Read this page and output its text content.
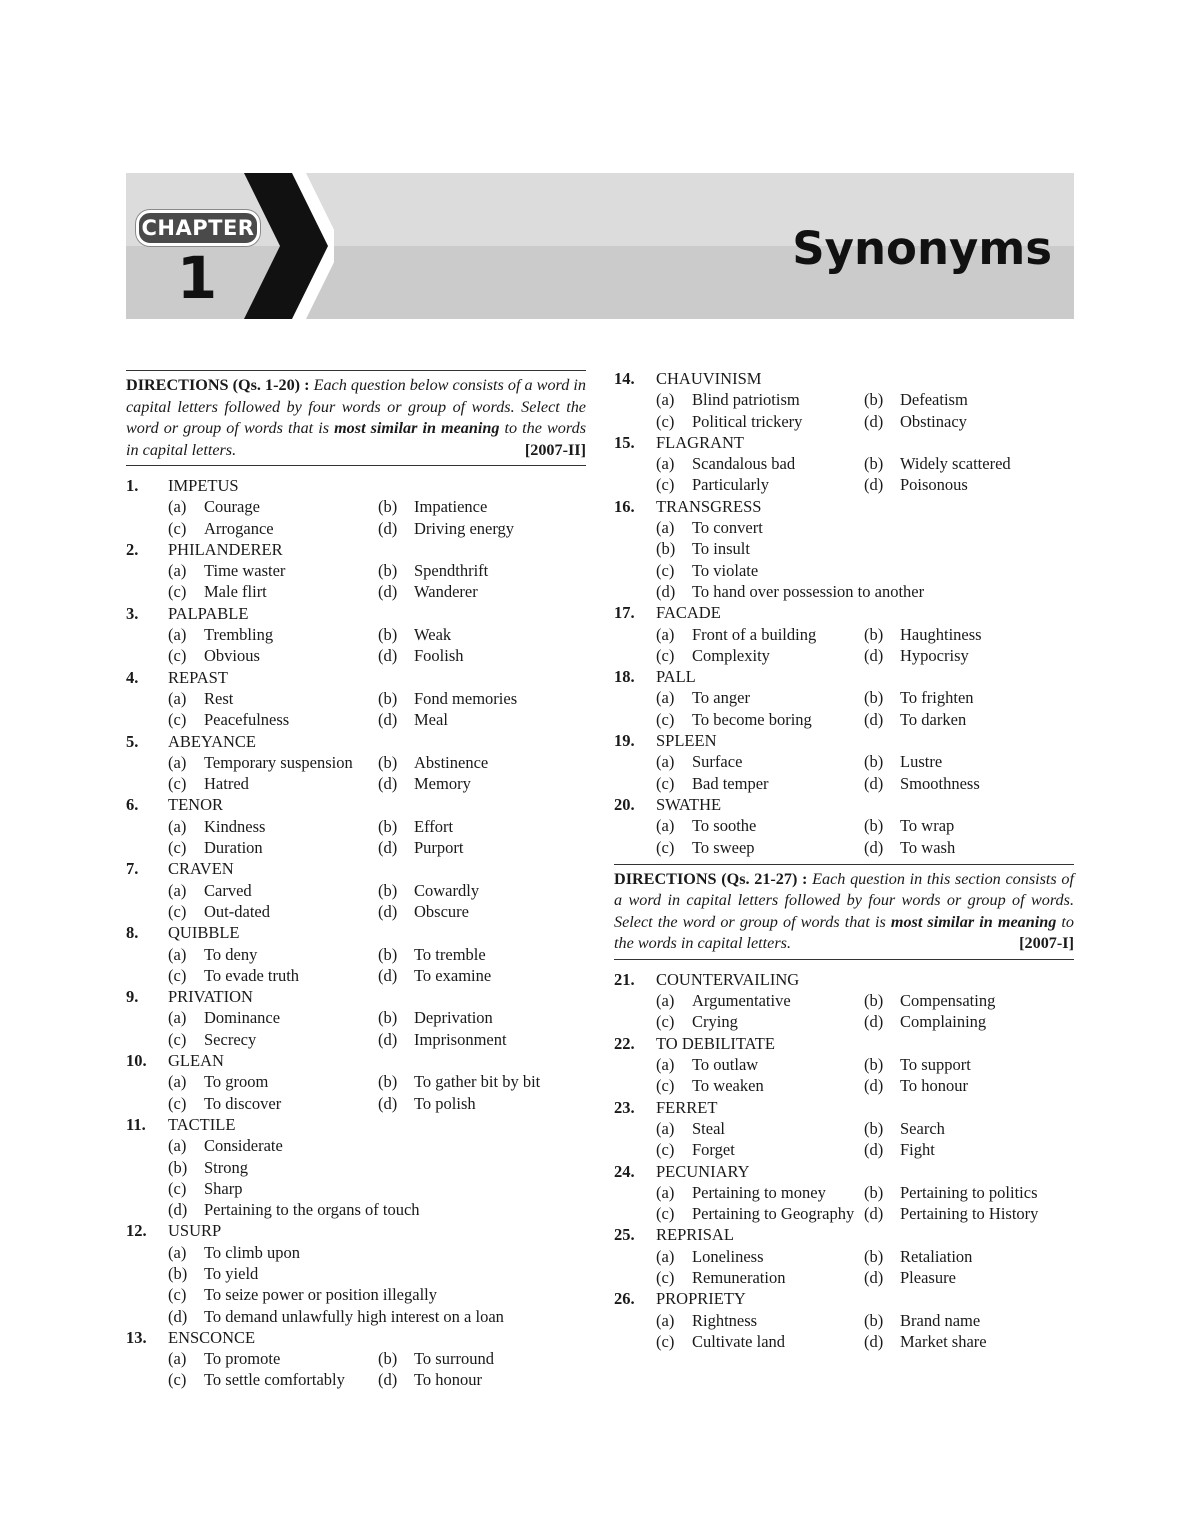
CHAPTER
1	Synonyms
DIRECTIONS (Qs. 1-20) : Each question below consists of a word in capital letters followed by four words or group of words. Select the word or group of words that is most similar in meaning to the words in capital letters.	[2007-II]
1. IMPETUS
(a) Courage	(b) Impatience
(c) Arrogance	(d) Driving energy
2. PHILANDERER
(a) Time waster	(b) Spendthrift
(c) Male flirt	(d) Wanderer
3. PALPABLE
(a) Trembling	(b) Weak
(c) Obvious	(d) Foolish
4. REPAST
(a) Rest	(b) Fond memories
(c) Peacefulness	(d) Meal
5. ABEYANCE
(a) Temporary suspension (b) Abstinence
(c) Hatred	(d) Memory
6. TENOR
(a) Kindness	(b) Effort
(c) Duration	(d) Purport
7. CRAVEN
(a) Carved	(b) Cowardly
(c) Out-dated	(d) Obscure
8. QUIBBLE
(a) To deny	(b) To tremble
(c) To evade truth	(d) To examine
9. PRIVATION
(a) Dominance	(b) Deprivation
(c) Secrecy	(d) Imprisonment
10. GLEAN
(a) To groom	(b) To gather bit by bit
(c) To discover	(d) To polish
11. TACTILE
(a) Considerate
(b) Strong
(c) Sharp
(d) Pertaining to the organs of touch
12. USURP
(a) To climb upon
(b) To yield
(c) To seize power or position illegally
(d) To demand unlawfully high interest on a loan
13. ENSCONCE
(a) To promote	(b) To surround
(c) To settle comfortably (d) To honour
14. CHAUVINISM
(a) Blind patriotism	(b) Defeatism
(c) Political trickery	(d) Obstinacy
15. FLAGRANT
(a) Scandalous bad	(b) Widely scattered
(c) Particularly	(d) Poisonous
16. TRANSGRESS
(a) To convert
(b) To insult
(c) To violate
(d) To hand over possession to another
17. FACADE
(a) Front of a building	(b) Haughtiness
(c) Complexity	(d) Hypocrisy
18. PALL
(a) To anger	(b) To frighten
(c) To become boring	(d) To darken
19. SPLEEN
(a) Surface	(b) Lustre
(c) Bad temper	(d) Smoothness
20. SWATHE
(a) To soothe	(b) To wrap
(c) To sweep	(d) To wash
DIRECTIONS (Qs. 21-27) : Each question in this section consists of a word in capital letters followed by four words or group of words. Select the word or group of words that is most similar in meaning to the words in capital letters.	[2007-I]
21. COUNTERVAILING
(a) Argumentative	(b) Compensating
(c) Crying	(d) Complaining
22. TO DEBILITATE
(a) To outlaw	(b) To support
(c) To weaken	(d) To honour
23. FERRET
(a) Steal	(b) Search
(c) Forget	(d) Fight
24. PECUNIARY
(a) Pertaining to money (b) Pertaining to politics
(c) Pertaining to Geography (d) Pertaining to History
25. REPRISAL
(a) Loneliness	(b) Retaliation
(c) Remuneration	(d) Pleasure
26. PROPRIETY
(a) Rightness	(b) Brand name
(c) Cultivate land	(d) Market share
